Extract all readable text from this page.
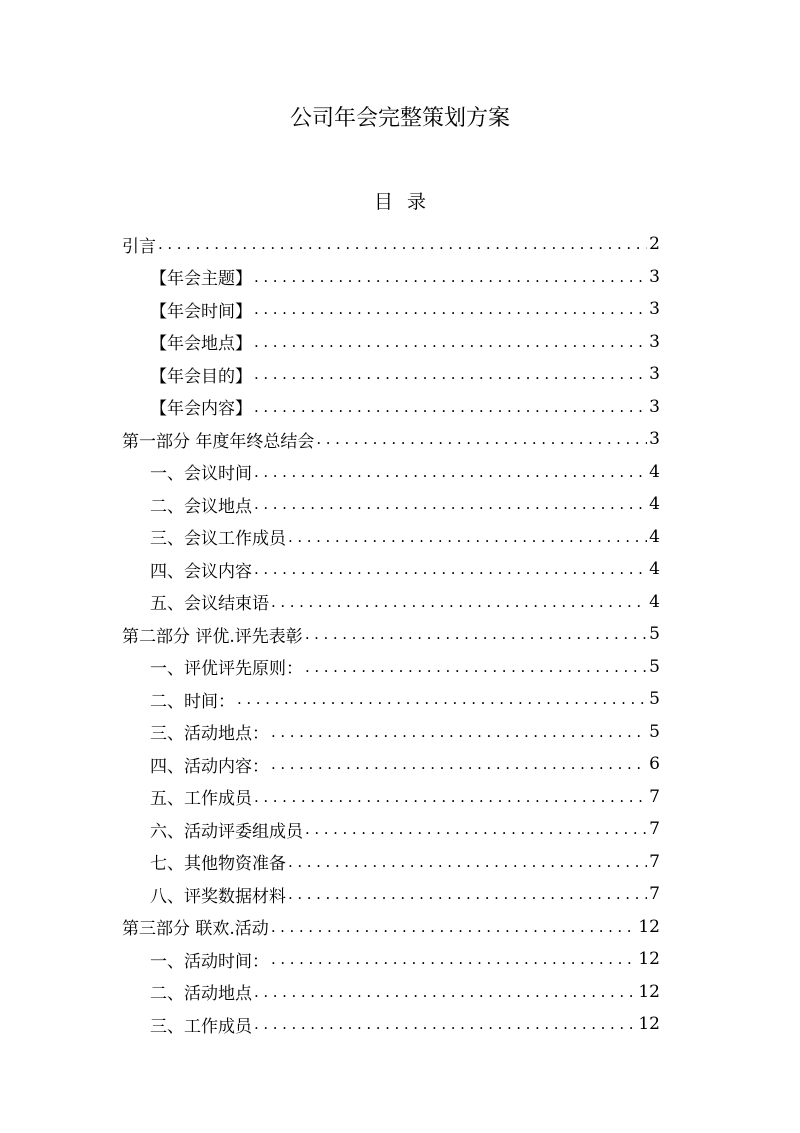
公司年会完整策划方案
目录
引言 .....	2
【年会主题】 .....	3
【年会时间】 .....	3
【年会地点】 .....	3
【年会目的】 .....	3
【年会内容】 .....	3
第一部分 年度年终总结会 .....	3
一、会议时间 .....	4
二、会议地点 .....	4
三、会议工作成员 .....	4
四、会议内容 .....	4
五、会议结束语 .....	4
第二部分 评优.评先表彰 .....	5
一、评优评先原则： .....	5
二、时间： .....	5
三、活动地点： .....	5
四、活动内容： .....	6
五、工作成员 .....	7
六、活动评委组成员 .....	7
七、其他物资准备 .....	7
八、评奖数据材料 .....	7
第三部分 联欢.活动 .....	12
一、活动时间： .....	12
二、活动地点 .....	12
三、工作成员 .....	12
